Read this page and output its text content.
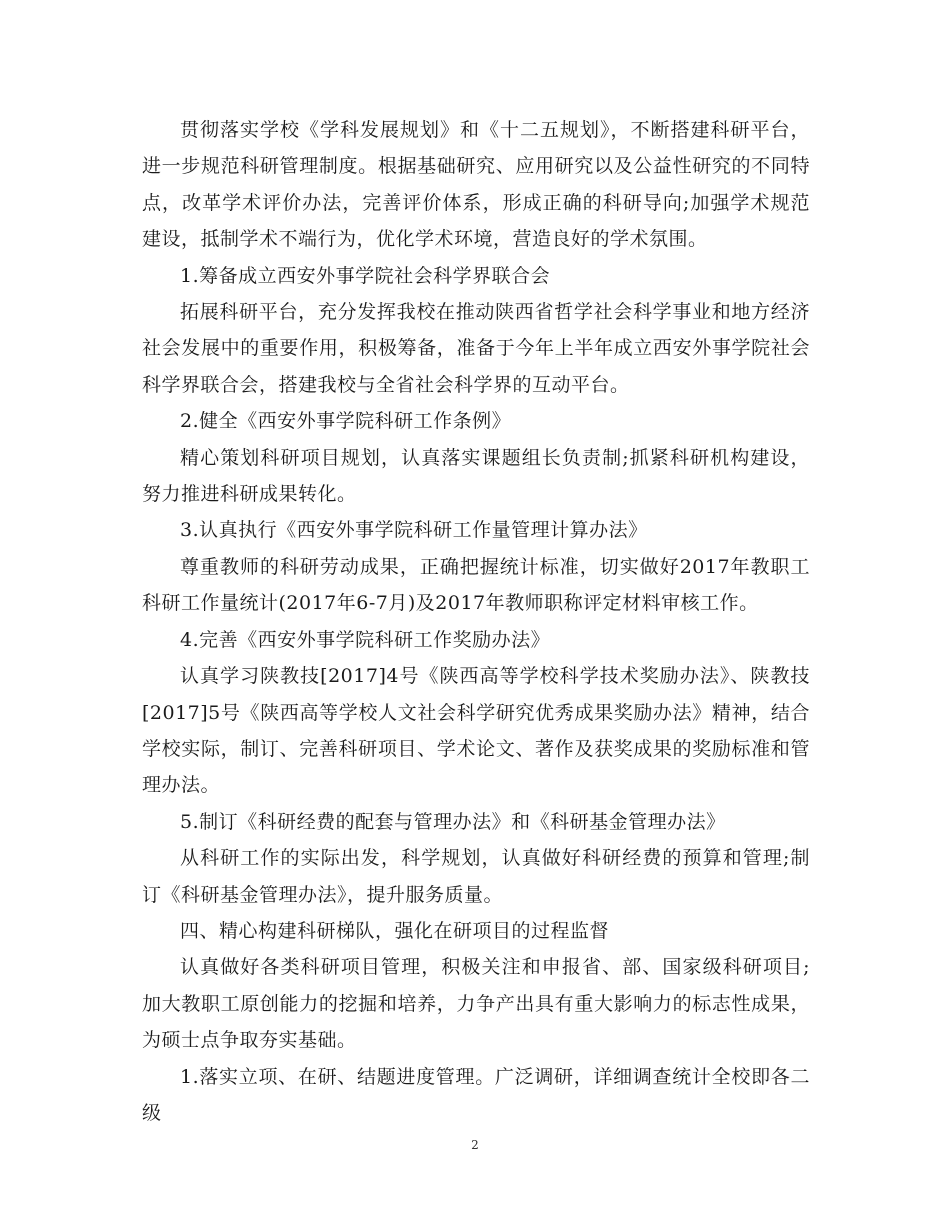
贯彻落实学校《学科发展规划》和《十二五规划》，不断搭建科研平台，进一步规范科研管理制度。根据基础研究、应用研究以及公益性研究的不同特点，改革学术评价办法，完善评价体系，形成正确的科研导向;加强学术规范建设，抵制学术不端行为，优化学术环境，营造良好的学术氛围。

1.筹备成立西安外事学院社会科学界联合会

拓展科研平台，充分发挥我校在推动陕西省哲学社会科学事业和地方经济社会发展中的重要作用，积极筹备，准备于今年上半年成立西安外事学院社会科学界联合会，搭建我校与全省社会科学界的互动平台。

2.健全《西安外事学院科研工作条例》

精心策划科研项目规划，认真落实课题组长负责制;抓紧科研机构建设，努力推进科研成果转化。

3.认真执行《西安外事学院科研工作量管理计算办法》

尊重教师的科研劳动成果，正确把握统计标准，切实做好2017年教职工科研工作量统计(2017年6-7月)及2017年教师职称评定材料审核工作。

4.完善《西安外事学院科研工作奖励办法》

认真学习陕教技[2017]4号《陕西高等学校科学技术奖励办法》、陕教技[2017]5号《陕西高等学校人文社会科学研究优秀成果奖励办法》精神，结合学校实际，制订、完善科研项目、学术论文、著作及获奖成果的奖励标准和管理办法。

5.制订《科研经费的配套与管理办法》和《科研基金管理办法》

从科研工作的实际出发，科学规划，认真做好科研经费的预算和管理;制订《科研基金管理办法》，提升服务质量。

四、精心构建科研梯队，强化在研项目的过程监督

认真做好各类科研项目管理，积极关注和申报省、部、国家级科研项目;加大教职工原创能力的挖掘和培养，力争产出具有重大影响力的标志性成果，为硕士点争取夯实基础。

1.落实立项、在研、结题进度管理。广泛调研，详细调查统计全校即各二级

2
